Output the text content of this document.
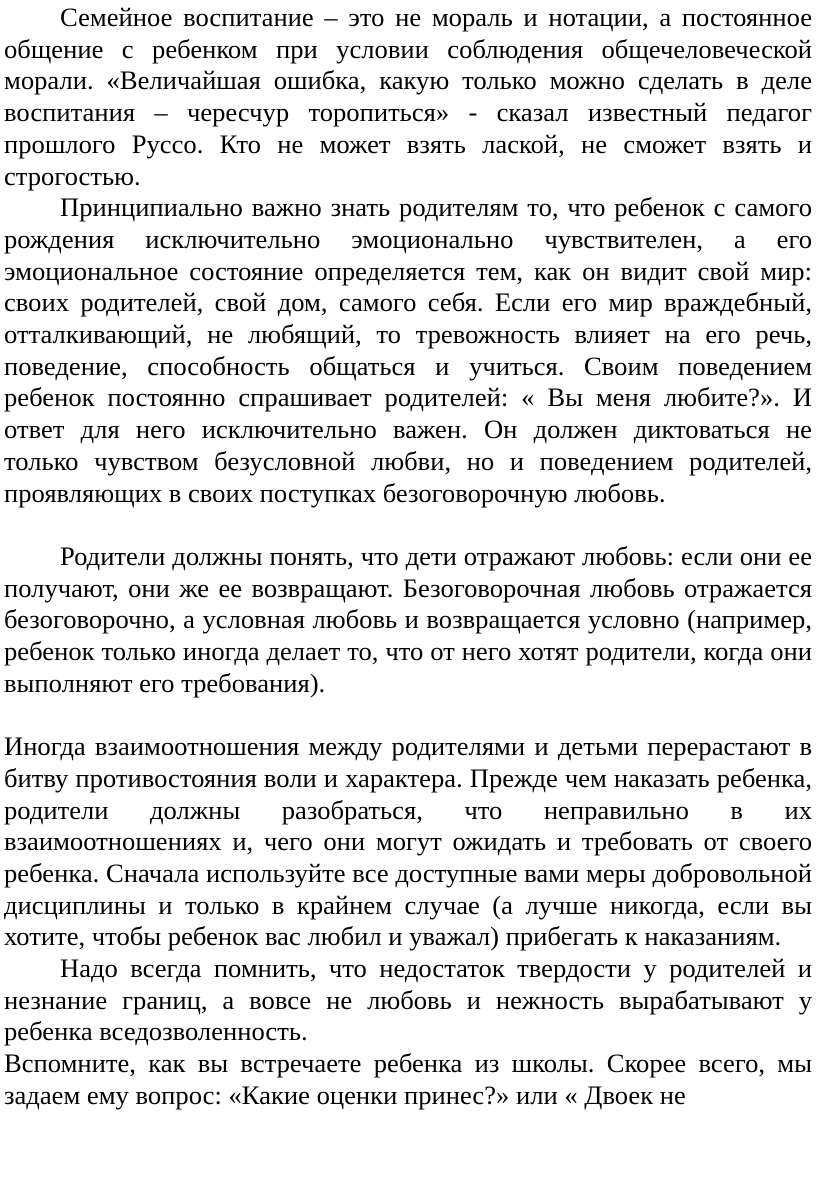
Семейное воспитание – это не мораль и нотации, а постоянное общение с ребенком при условии соблюдения общечеловеческой морали. «Величайшая ошибка, какую только можно сделать в деле воспитания – чересчур торопиться» - сказал известный педагог прошлого Руссо. Кто не может взять лаской, не сможет взять и строгостью.

Принципиально важно знать родителям то, что ребенок с самого рождения исключительно эмоционально чувствителен, а его эмоциональное состояние определяется тем, как он видит свой мир: своих родителей, свой дом, самого себя. Если его мир враждебный, отталкивающий, не любящий, то тревожность влияет на его речь, поведение, способность общаться и учиться. Своим поведением ребенок постоянно спрашивает родителей: « Вы меня любите?». И ответ для него исключительно важен. Он должен диктоваться не только чувством безусловной любви, но и поведением родителей, проявляющих в своих поступках безоговорочную любовь.

Родители должны понять, что дети отражают любовь: если они ее получают, они же ее возвращают. Безоговорочная любовь отражается безоговорочно, а условная любовь и возвращается условно (например, ребенок только иногда делает то, что от него хотят родители, когда они выполняют его требования).

Иногда взаимоотношения между родителями и детьми перерастают в битву противостояния воли и характера. Прежде чем наказать ребенка, родители должны разобраться, что неправильно в их взаимоотношениях и, чего они могут ожидать и требовать от своего ребенка. Сначала используйте все доступные вами меры добровольной дисциплины и только в крайнем случае (а лучше никогда, если вы хотите, чтобы ребенок вас любил и уважал) прибегать к наказаниям.

Надо всегда помнить, что недостаток твердости у родителей и незнание границ, а вовсе не любовь и нежность вырабатывают у ребенка вседозволенность.

Вспомните, как вы встречаете ребенка из школы. Скорее всего, мы задаем ему вопрос: «Какие оценки принес?» или « Двоек не
